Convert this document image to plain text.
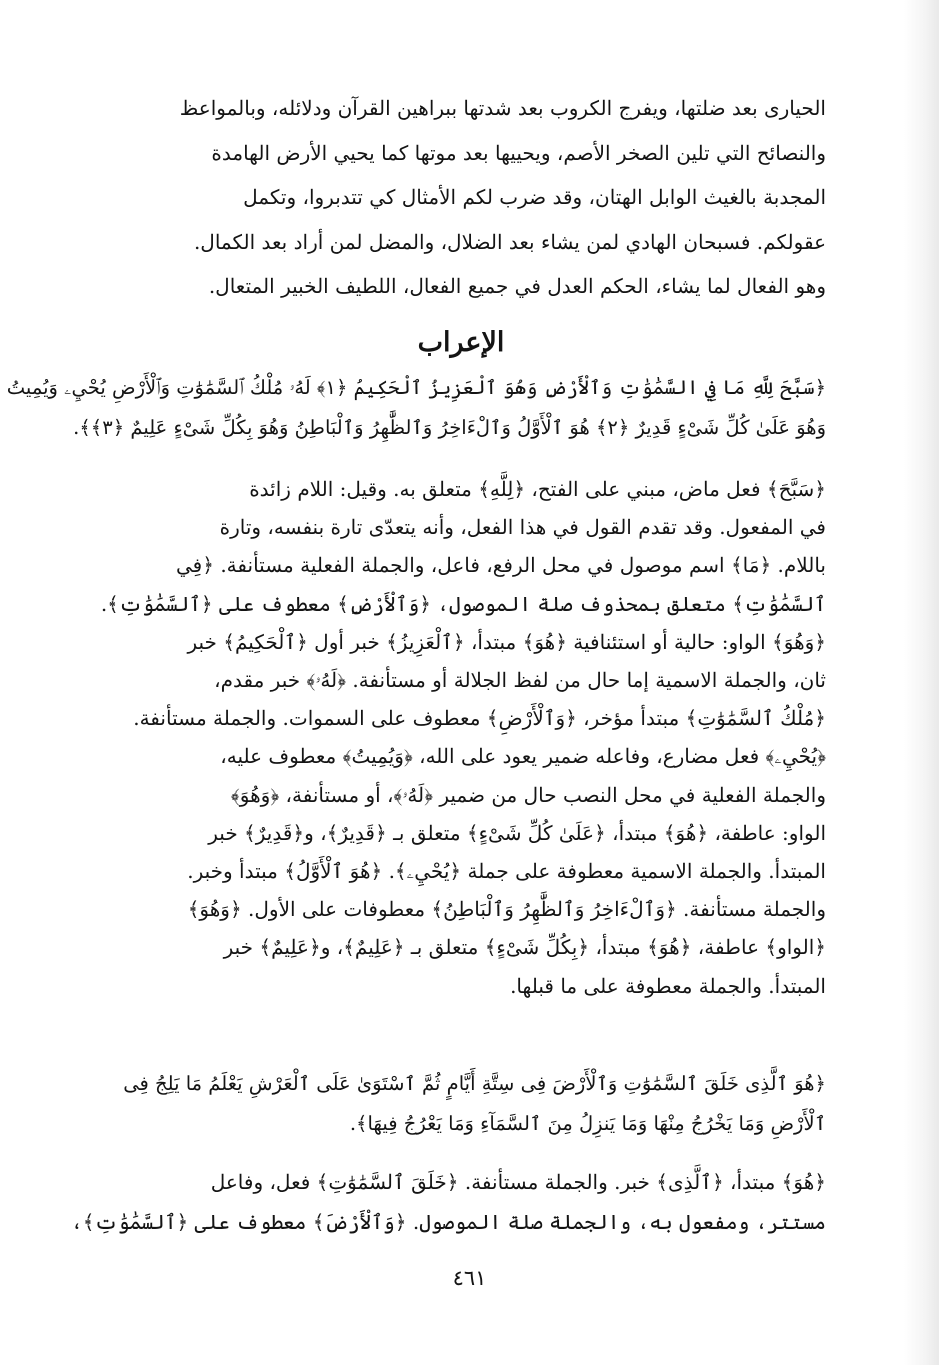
الحيارى بعد ضلتها، ويفرج الكروب بعد شدتها ببراهين القرآن ودلائله، وبالمواعظ
والنصائح التي تلين الصخر الأصم، ويحييها بعد موتها كما يحيي الأرض الهامدة
المجدبة بالغيث الوابل الهتان، وقد ضرب لكم الأمثال كي تتدبروا، وتكمل
عقولكم. فسبحان الهادي لمن يشاء بعد الضلال، والمضل لمن أراد بعد الكمال.
وهو الفعال لما يشاء، الحكم العدل في جميع الفعال، اللطيف الخبير المتعال.
الإعراب
﴿سَبَّحَ لِلَّهِ مَا فِي السَّمَٰوَٰتِ وَٱلْأَرْضِ وَهُوَ ٱلْعَزِيزُ ٱلْحَكِيمُ ﴿١﴾ لَهُۥ مُلْكُ ٱلسَّمَٰوَٰتِ وَٱلْأَرْضِ يُحْيِۦ وَيُمِيتُ
وَهُوَ عَلَىٰ كُلِّ شَىْءٍ قَدِيرٌ ﴿٢﴾ هُوَ ٱلْأَوَّلُ وَٱلْءَاخِرُ وَٱلظَّٰهِرُ وَٱلْبَاطِنُ وَهُوَ بِكُلِّ شَىْءٍ عَلِيمٌ ﴿٣﴾﴾.
﴿سَبَّحَ﴾ فعل ماض، مبني على الفتح، ﴿لِلَّهِ﴾ متعلق به. وقيل: اللام زائدة
في المفعول. وقد تقدم القول في هذا الفعل، وأنه يتعدّى تارة بنفسه، وتارة
باللام. ﴿مَا﴾ اسم موصول في محل الرفع، فاعل، والجملة الفعلية مستأنفة. ﴿فِي
ٱلسَّمَٰوَٰتِ﴾ متعلق بمحذوف صلة الموصول، ﴿وَٱلْأَرْضِ﴾ معطوف على ﴿ٱلسَّمَٰوَٰتِ﴾.
﴿وَهُوَ﴾ الواو: حالية أو استئنافية ﴿هُوَ﴾ مبتدأ، ﴿ٱلْعَزِيزُ﴾ خبر أول ﴿ٱلْحَكِيمُ﴾ خبر
ثان، والجملة الاسمية إما حال من لفظ الجلالة أو مستأنفة. ﴿لَهُۥ﴾ خبر مقدم،
﴿مُلْكُ ٱلسَّمَٰوَٰتِ﴾ مبتدأ مؤخر، ﴿وَٱلْأَرْضِ﴾ معطوف على السموات. والجملة مستأنفة.
﴿يُحْيِۦ﴾ فعل مضارع، وفاعله ضمير يعود على الله، ﴿وَيُمِيتُ﴾ معطوف عليه،
والجملة الفعلية في محل النصب حال من ضمير ﴿لَهُۥ﴾، أو مستأنفة، ﴿وَهُوَ﴾
الواو: عاطفة، ﴿هُوَ﴾ مبتدأ، ﴿عَلَىٰ كُلِّ شَىْءٍ﴾ متعلق بـ ﴿قَدِيرٌ﴾، و﴿قَدِيرٌ﴾ خبر
المبتدأ. والجملة الاسمية معطوفة على جملة ﴿يُحْيِۦ﴾. ﴿هُوَ ٱلْأَوَّلُ﴾ مبتدأ وخبر.
والجملة مستأنفة. ﴿وَٱلْءَاخِرُ وَٱلظَّٰهِرُ وَٱلْبَاطِنُ﴾ معطوفات على الأول. ﴿وَهُوَ﴾
﴿الواو﴾ عاطفة، ﴿هُوَ﴾ مبتدأ، ﴿بِكُلِّ شَىْءٍ﴾ متعلق بـ ﴿عَلِيمٌ﴾، و﴿عَلِيمٌ﴾ خبر
المبتدأ. والجملة معطوفة على ما قبلها.
﴿هُوَ ٱلَّذِى خَلَقَ ٱلسَّمَٰوَٰتِ وَٱلْأَرْضَ فِى سِتَّةِ أَيَّامٍ ثُمَّ ٱسْتَوَىٰ عَلَى ٱلْعَرْشِ يَعْلَمُ مَا يَلِجُ فِى
ٱلْأَرْضِ وَمَا يَخْرُجُ مِنْهَا وَمَا يَنزِلُ مِنَ ٱلسَّمَآءِ وَمَا يَعْرُجُ فِيهَا﴾.
﴿هُوَ﴾ مبتدأ، ﴿ٱلَّذِى﴾ خبر. والجملة مستأنفة. ﴿خَلَقَ ٱلسَّمَٰوَٰتِ﴾ فعل، وفاعل
مستتر، ومفعول به، والجملة صلة الموصول. ﴿وَٱلْأَرْضَ﴾ معطوف على ﴿ٱلسَّمَٰوَٰتِ﴾،
٤٦١
